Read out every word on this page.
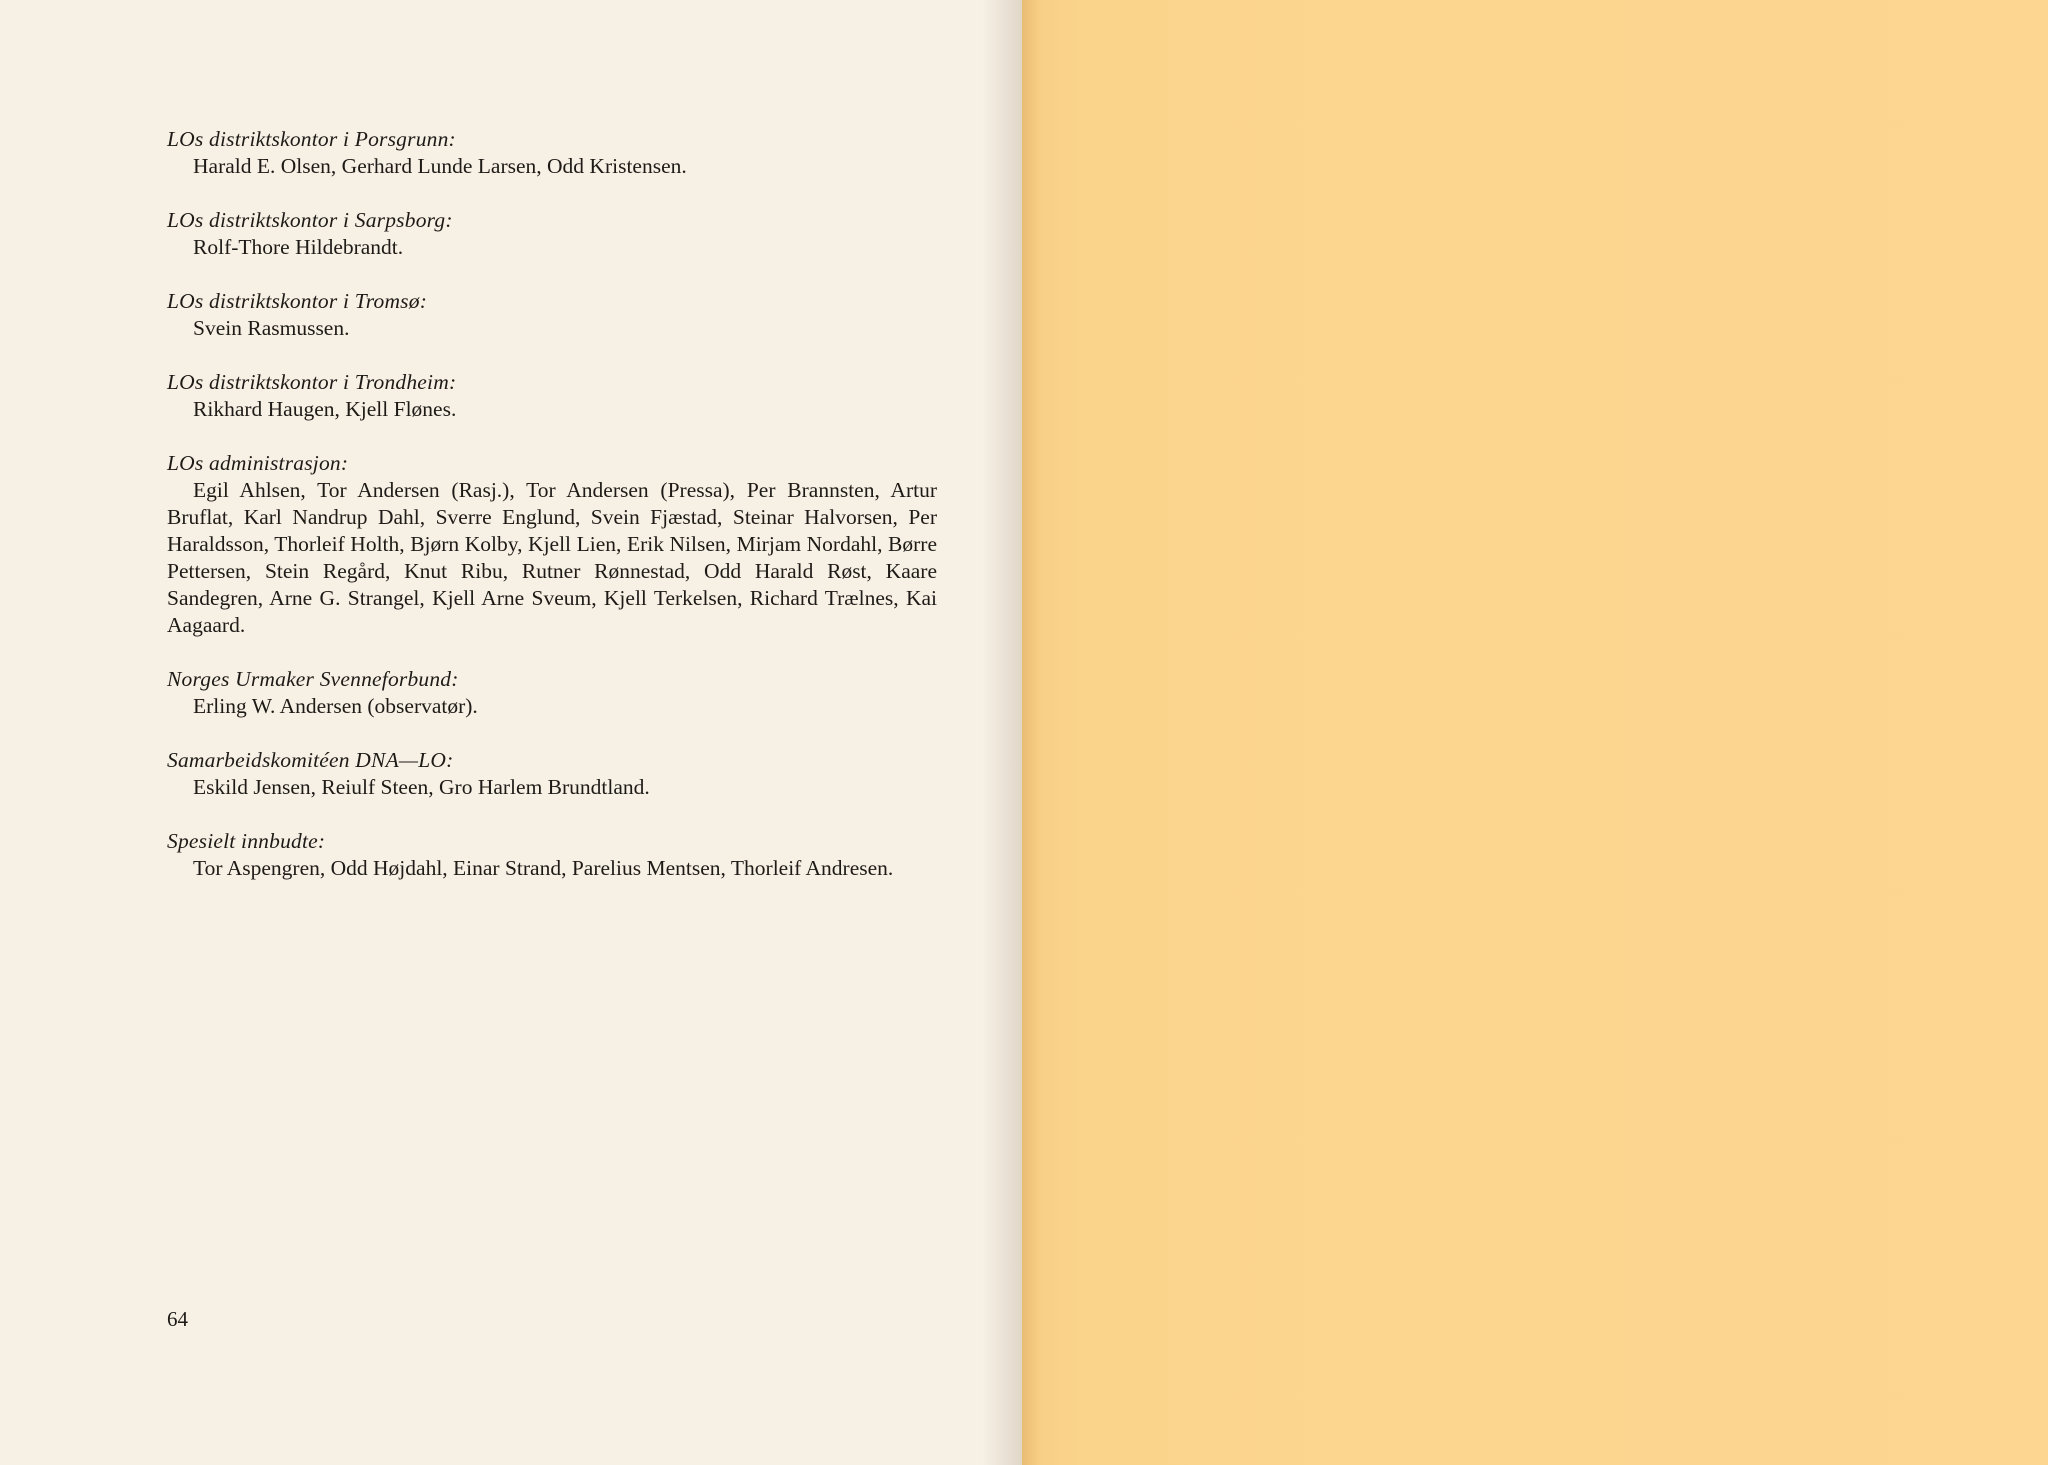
LOs distriktskontor i Porsgrunn:
Harald E. Olsen, Gerhard Lunde Larsen, Odd Kristensen.
LOs distriktskontor i Sarpsborg:
Rolf-Thore Hildebrandt.
LOs distriktskontor i Tromsø:
Svein Rasmussen.
LOs distriktskontor i Trondheim:
Rikhard Haugen, Kjell Flønes.
LOs administrasjon:
Egil Ahlsen, Tor Andersen (Rasj.), Tor Andersen (Pressa), Per Brannsten, Artur Bruflat, Karl Nandrup Dahl, Sverre Englund, Svein Fjæstad, Steinar Halvorsen, Per Haraldsson, Thorleif Holth, Bjørn Kolby, Kjell Lien, Erik Nilsen, Mirjam Nordahl, Børre Pettersen, Stein Regård, Knut Ribu, Rutner Rønnestad, Odd Harald Røst, Kaare Sandegren, Arne G. Strangel, Kjell Arne Sveum, Kjell Terkelsen, Richard Trælnes, Kai Aagaard.
Norges Urmaker Svenneforbund:
Erling W. Andersen (observatør).
Samarbeidskomitéen DNA—LO:
Eskild Jensen, Reiulf Steen, Gro Harlem Brundtland.
Spesielt innbudte:
Tor Aspengren, Odd Højdahl, Einar Strand, Parelius Mentsen, Thorleif Andresen.
64
